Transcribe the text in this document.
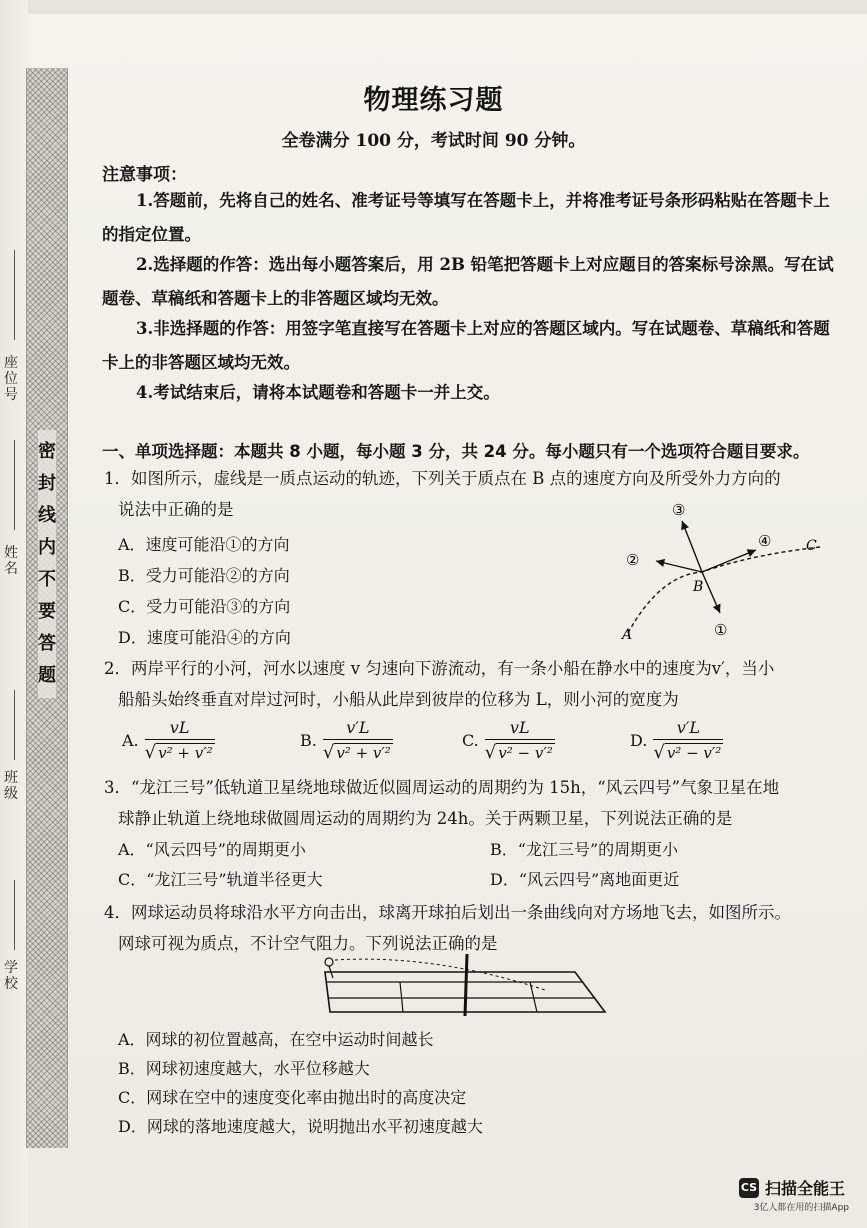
密封线内不要答题
学校
班级
姓名
座位号
物理练习题
全卷满分 100 分，考试时间 90 分钟。
注意事项：
1.答题前，先将自己的姓名、准考证号等填写在答题卡上，并将准考证号条形码粘贴在答题卡上的指定位置。
2.选择题的作答：选出每小题答案后，用 2B 铅笔把答题卡上对应题目的答案标号涂黑。写在试题卷、草稿纸和答题卡上的非答题区域均无效。
3.非选择题的作答：用签字笔直接写在答题卡上对应的答题区域内。写在试题卷、草稿纸和答题卡上的非答题区域均无效。
4.考试结束后，请将本试题卷和答题卡一并上交。
一、单项选择题：本题共 8 小题，每小题 3 分，共 24 分。每小题只有一个选项符合题目要求。
1．如图所示，虚线是一质点运动的轨迹，下列关于质点在 B 点的速度方向及所受外力方向的
说法中正确的是
A．速度可能沿①的方向
B．受力可能沿②的方向
C．受力可能沿③的方向
D．速度可能沿④的方向
③
④
②
B
C
A	①
2．两岸平行的小河，河水以速度 v 匀速向下游流动，有一条小船在静水中的速度为v′，当小
船船头始终垂直对岸过河时，小船从此岸到彼岸的位移为 L，则小河的宽度为
A. $\frac{vL}{\text{√ v² + v′²}}$	B. $\frac{v'L}{\text{√ v² + v′²}}$	C. $\frac{vL}{\text{√ v² − v′²}}$	D. $\frac{v'L}{\text{√ v² − v′²}}$
3．“龙江三号”低轨道卫星绕地球做近似圆周运动的周期约为 15h，“风云四号”气象卫星在地
球静止轨道上绕地球做圆周运动的周期约为 24h。关于两颗卫星，下列说法正确的是
A．“风云四号”的周期更小	B．“龙江三号”的周期更小
C．“龙江三号”轨道半径更大	D．“风云四号”离地面更近
4．网球运动员将球沿水平方向击出，球离开球拍后划出一条曲线向对方场地飞去，如图所示。
网球可视为质点，不计空气阻力。下列说法正确的是
A．网球的初位置越高，在空中运动时间越长
B．网球初速度越大，水平位移越大
C．网球在空中的速度变化率由抛出时的高度决定
D．网球的落地速度越大，说明抛出水平初速度越大
CS 扫描全能王
3亿人都在用的扫描App
